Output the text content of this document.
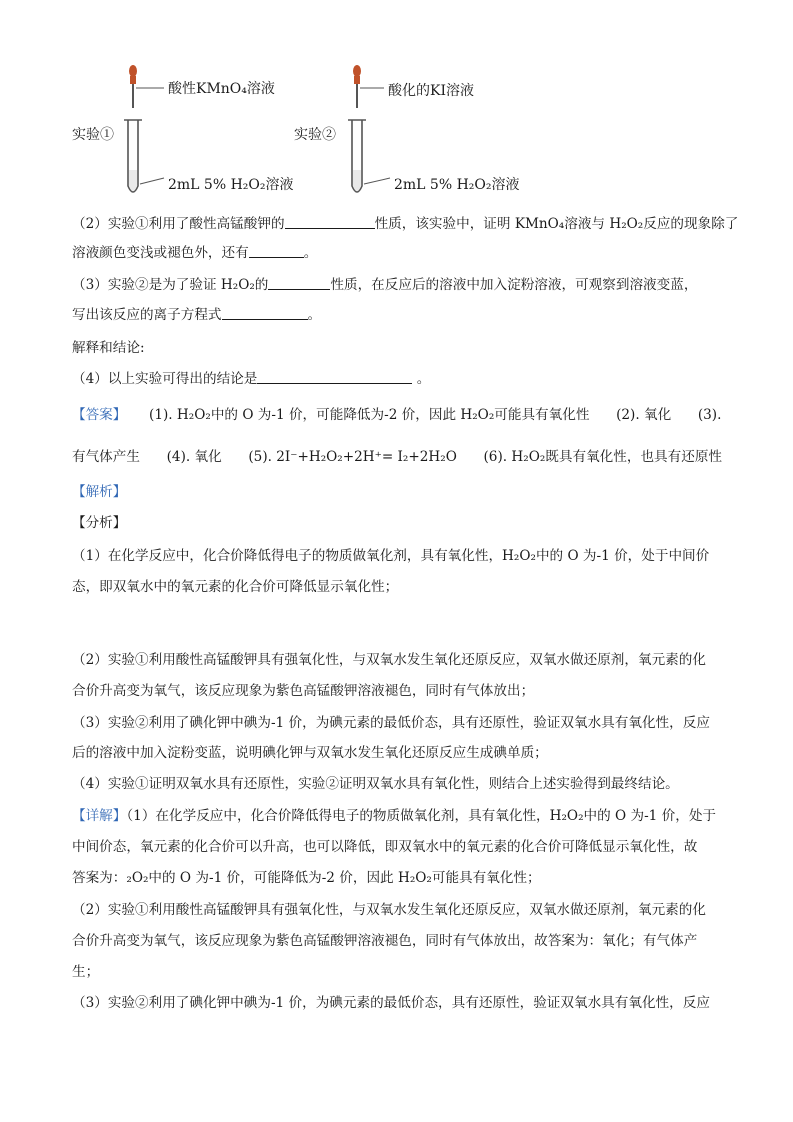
酸性KMnO₄溶液
实验①
2mL 5% H₂O₂溶液
酸化的KI溶液
实验②
2mL 5% H₂O₂溶液
（2）实验①利用了酸性高锰酸钾的	性质，该实验中，证明 KMnO₄溶液与 H₂O₂反应的现象除了
溶液颜色变浅或褪色外，还有	。
（3）实验②是为了验证 H₂O₂的	性质，在反应后的溶液中加入淀粉溶液，可观察到溶液变蓝，
写出该反应的离子方程式	。
解释和结论:
（4）以上实验可得出的结论是	。
【答案】 (1). H₂O₂中的 O 为-1 价，可能降低为-2 价，因此 H₂O₂可能具有氧化性 (2). 氧化 (3).
有气体产生 (4). 氧化 (5). 2I⁻+H₂O₂+2H⁺= I₂+2H₂O (6). H₂O₂既具有氧化性，也具有还原性
【解析】
【分析】
（1）在化学反应中，化合价降低得电子的物质做氧化剂，具有氧化性，H₂O₂中的 O 为-1 价，处于中间价
态，即双氧水中的氧元素的化合价可降低显示氧化性；
（2）实验①利用酸性高锰酸钾具有强氧化性，与双氧水发生氧化还原反应，双氧水做还原剂，氧元素的化
合价升高变为氧气，该反应现象为紫色高锰酸钾溶液褪色，同时有气体放出；
（3）实验②利用了碘化钾中碘为-1 价，为碘元素的最低价态，具有还原性，验证双氧水具有氧化性，反应
后的溶液中加入淀粉变蓝，说明碘化钾与双氧水发生氧化还原反应生成碘单质；
（4）实验①证明双氧水具有还原性，实验②证明双氧水具有氧化性，则结合上述实验得到最终结论。
【详解】（1）在化学反应中，化合价降低得电子的物质做氧化剂，具有氧化性，H₂O₂中的 O 为-1 价，处于
中间价态，氧元素的化合价可以升高，也可以降低，即双氧水中的氧元素的化合价可降低显示氧化性，故
答案为：₂O₂中的 O 为-1 价，可能降低为-2 价，因此 H₂O₂可能具有氧化性；
（2）实验①利用酸性高锰酸钾具有强氧化性，与双氧水发生氧化还原反应，双氧水做还原剂，氧元素的化
合价升高变为氧气，该反应现象为紫色高锰酸钾溶液褪色，同时有气体放出，故答案为：氧化；有气体产
生；
（3）实验②利用了碘化钾中碘为-1 价，为碘元素的最低价态，具有还原性，验证双氧水具有氧化性，反应
